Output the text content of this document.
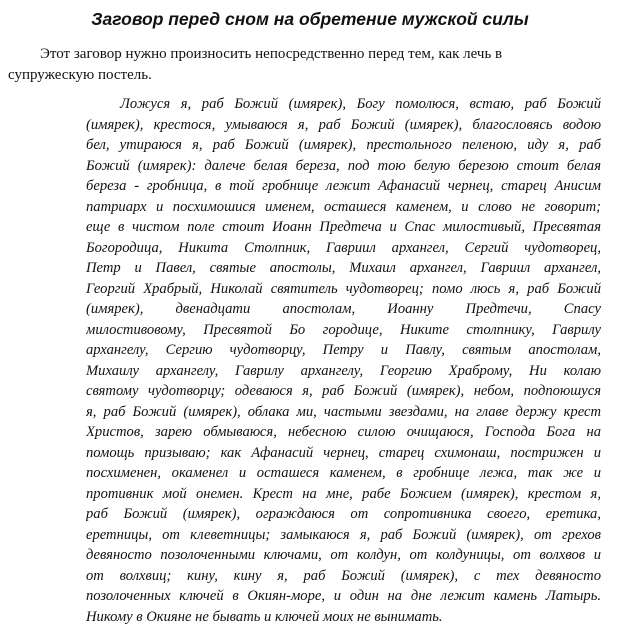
Заговор перед сном на обретение мужской силы

Этот заговор нужно произносить непосредственно перед тем, как лечь в
супружескую постель.

Ложуся я, раб Божий (имярек), Богу помолюся, встаю, раб Божий
(имярек), крестося, умываюся я, раб Божий (имярек), благословясь водою
бел, утираюся я, раб Божий (имярек), престольного пеленою, иду я, раб
Божий (имярек): далече белая береза, под тою белую березою стоит белая
береза - гробница, в той гробнице лежит Афанасий чернец, старец Анисим
патриарх и посхимошися именем, осташеся каменем, и слово не говорит;
еще в чистом поле стоит Иоанн Предтеча и Спас милостивый, Пресвятая
Богородица, Никита Столпник, Гавриил архангел, Сергий чудотворец,
Петр и Павел, святые апостолы, Михаил архангел, Гавриил архангел,
Георгий Храбрый, Николай святитель чудотворец; помо люсь я, раб Божий
(имярек), двенадцати апостолам, Иоанну Предтечи, Спасу
милостивовому, Пресвятой Бо городице, Никите столпнику, Гаврилу
архангелу, Сергию чудотворцу, Петру и Павлу, святым апостолам,
Михаилу архангелу, Гаврилу архангелу, Георгию Храброму, Ни колаю
святому чудотворцу; одеваюся я, раб Божий (имярек), небом, подпоюшуся
я, раб Божий (имярек), облака ми, частыми звездами, на главе держу крест
Христов, зарею обмываюся, небесною силою очищаюся, Господа Бога на
помощь призываю; как Афанасий чернец, старец схимонаш, пострижен и
посхименен, окаменел и осташеся каменем, в гробнице лежа, так же и
противник мой онемен. Крест на мне, рабе Божием (имярек), крестом я,
раб Божий (имярек), ограждаюся от сопротивника своего, еретика,
еретницы, от клеветницы; замыкаюся я, раб Божий (имярек), от грехов
девяносто позолоченными ключами, от колдун, от колдуницы, от волхвов и
от волхвиц; кину, кину я, раб Божий (имярек), с тех девяносто
позолоченных ключей в Окиян-море, и один на дне лежит камень Латырь.
Никому в Окияне не бывать и ключей моих не вынимать.
